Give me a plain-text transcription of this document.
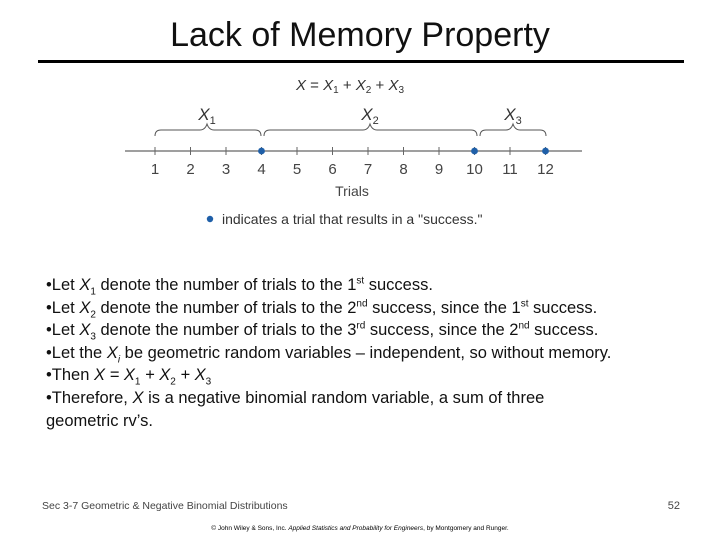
Lack of Memory Property
$X = X_1 + X_2 + X_3$
$X_1$	$X_2$	$X_3$
1 2 3 4 5 6 7 8 9 10 11 12
Trials
indicates a trial that results in a "success."

•Let $X_1$ denote the number of trials to the 1st success.

•Let $X_2$ denote the number of trials to the 2nd success, since the 1st success.

•Let $X_3$ denote the number of trials to the 3rd success, since the 2nd success.

•Let the $X_i$ be geometric random variables – independent, so without memory.

•Then $X = X_1 + X_2 + X_3$

•Therefore, X is a negative binomial random variable, a sum of three

geometric rv’s.

Sec 3-7 Geometric & Negative Binomial Distributions	52
© John Wiley & Sons, Inc. Applied Statistics and Probability for Engineers, by Montgomery and Runger.
